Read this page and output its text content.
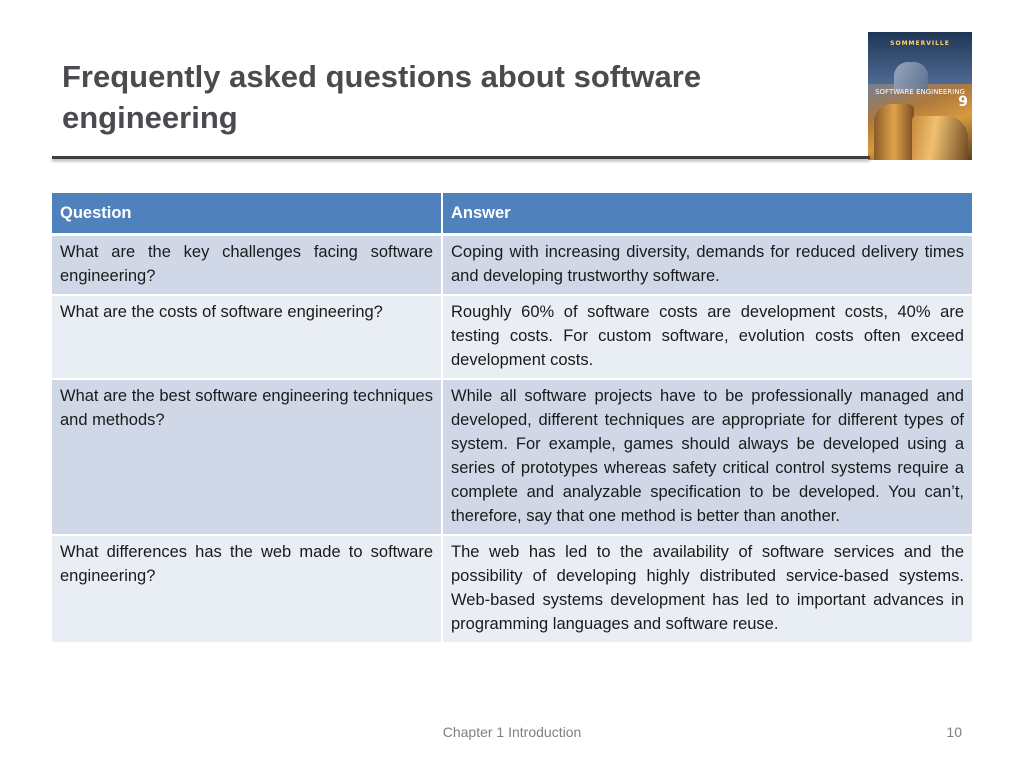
Frequently asked questions about software engineering
SOMMERVILLE
SOFTWARE ENGINEERING
9
Question	Answer
What are the key challenges facing software engineering?	Coping with increasing diversity, demands for reduced delivery times and developing trustworthy software.
What are the costs of software engineering?	Roughly 60% of software costs are development costs, 40% are testing costs. For custom software, evolution costs often exceed development costs.
What are the best software engineering techniques and methods?	While all software projects have to be professionally managed and developed, different techniques are appropriate for different types of system. For example, games should always be developed using a series of prototypes whereas safety critical control systems require a complete and analyzable specification to be developed. You can’t, therefore, say that one method is better than another.
What differences has the web made to software engineering?	The web has led to the availability of software services and the possibility of developing highly distributed service-based systems. Web-based systems development has led to important advances in programming languages and software reuse.
Chapter 1 Introduction	10
